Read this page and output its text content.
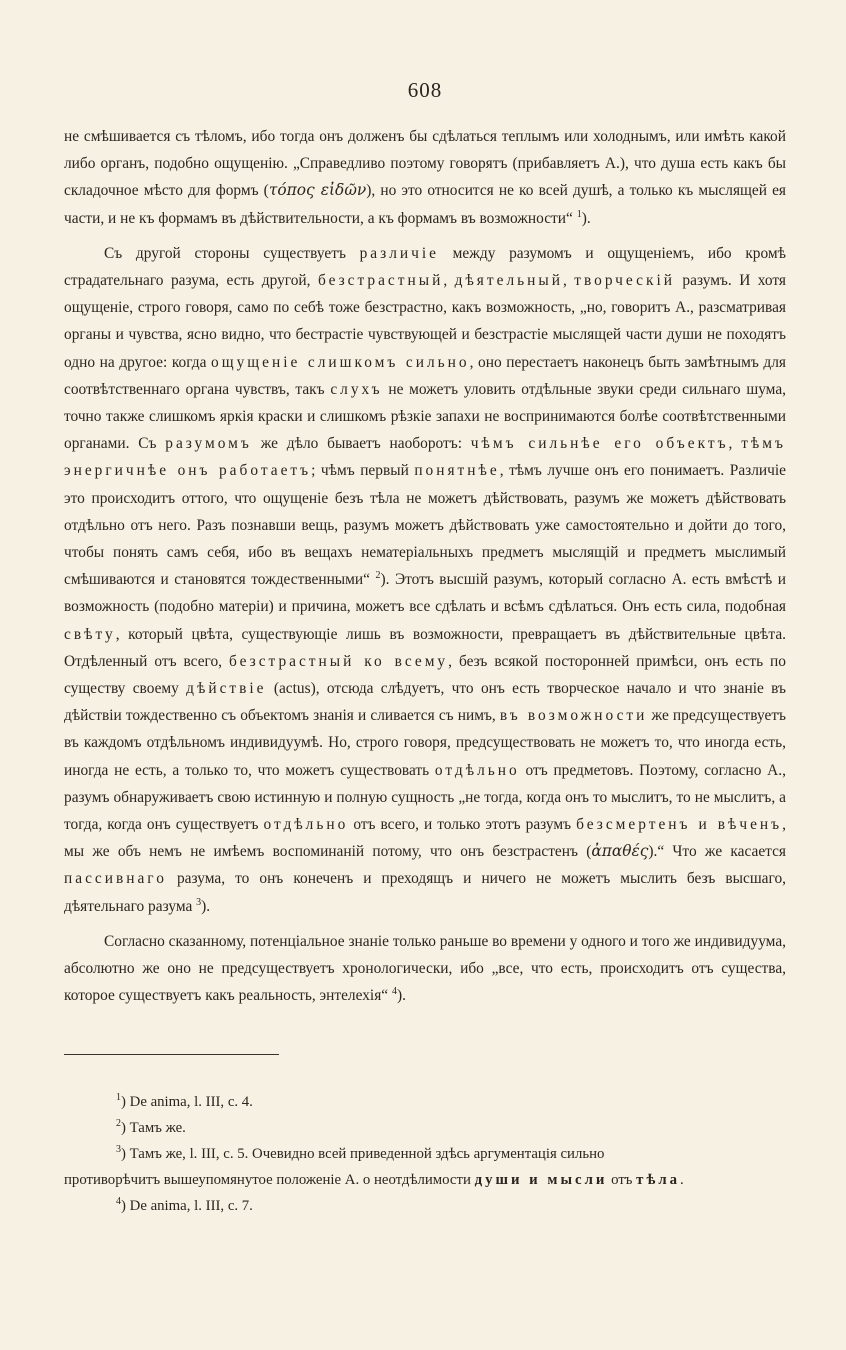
608

не смѣшивается съ тѣломъ, ибо тогда онъ долженъ бы сдѣлаться теплымъ или холоднымъ, или имѣть какой либо органъ, подобно ощущенію. „Справедливо поэтому говорятъ (прибавляетъ А.), что душа есть какъ бы складочное мѣсто для формъ (τόπος εἰδῶν), но это относится не ко всей душѣ, а только къ мыслящей ея части, и не къ формамъ въ дѣйствительности, а къ формамъ въ возможности“ $^1$).

Съ другой стороны существуетъ различіе между разумомъ и ощущеніемъ, ибо кромѣ страдательнаго разума, есть другой, безстрастный, дѣятельный, творческій разумъ. И хотя ощущеніе, строго говоря, само по себѣ тоже безстрастно, какъ возможность, „но, говоритъ А., разсматривая органы и чувства, ясно видно, что бестрастіе чувствующей и безстрастіе мыслящей части души не походятъ одно на другое: когда ощущеніе слишкомъ сильно, оно перестаетъ наконецъ быть замѣтнымъ для соотвѣтственнаго органа чувствъ, такъ слухъ не можетъ уловить отдѣльные звуки среди сильнаго шума, точно также слишкомъ яркія краски и слишкомъ рѣзкіе запахи не воспринимаются болѣе соотвѣтственными органами. Съ разумомъ же дѣло бываетъ наоборотъ: чѣмъ сильнѣе его объектъ, тѣмъ энергичнѣе онъ работаетъ; чѣмъ первый понятнѣе, тѣмъ лучше онъ его понимаетъ. Различіе это происходитъ оттого, что ощущеніе безъ тѣла не можетъ дѣйствовать, разумъ же можетъ дѣйствовать отдѣльно отъ него. Разъ познавши вещь, разумъ можетъ дѣйствовать уже самостоятельно и дойти до того, чтобы понять самъ себя, ибо въ вещахъ нематеріальныхъ предметъ мыслящій и предметъ мыслимый смѣшиваются и становятся тождественными“ $^2$). Этотъ высшій разумъ, который согласно А. есть вмѣстѣ и возможность (подобно матеріи) и причина, можетъ все сдѣлать и всѣмъ сдѣлаться. Онъ есть сила, подобная свѣту, который цвѣта, существующіе лишь въ возможности, превращаетъ въ дѣйствительные цвѣта. Отдѣленный отъ всего, безстрастный ко всему, безъ всякой посторонней примѣси, онъ есть по существу своему дѣйствіе (actus), отсюда слѣдуетъ, что онъ есть творческое начало и что знаніе въ дѣйствіи тождественно съ объектомъ знанія и сливается съ нимъ, въ возможности же предсуществуетъ въ каждомъ отдѣльномъ индивидуумѣ. Но, строго говоря, предсуществовать не можетъ то, что иногда есть, иногда не есть, а только то, что можетъ существовать отдѣльно отъ предметовъ. Поэтому, согласно А., разумъ обнаруживаетъ свою истинную и полную сущность „не тогда, когда онъ то мыслитъ, то не мыслитъ, а тогда, когда онъ существуетъ отдѣльно отъ всего, и только этотъ разумъ безсмертенъ и вѣченъ, мы же объ немъ не имѣемъ воспоминаній потому, что онъ безстрастенъ (ἀπαθές).“ Что же касается пассивнаго разума, то онъ конеченъ и преходящъ и ничего не можетъ мыслить безъ высшаго, дѣятельнаго разума $^3$).

Согласно сказанному, потенціальное знаніе только раньше во времени у одного и того же индивидуума, абсолютно же оно не предсуществуетъ хронологически, ибо „все, что есть, происходитъ отъ существа, которое существуетъ какъ реальность, энтелехія“ $^4$).

$^1$) De anima, l. III, c. 4.

$^2$) Тамъ же.

$^3$) Тамъ же, l. III, c. 5. Очевидно всей приведенной здѣсь аргументація сильно

противорѣчитъ вышеупомянутое положеніе А. о неотдѣлимости души и мысли отъ тѣла.

$^4$) De anima, l. III, c. 7.
